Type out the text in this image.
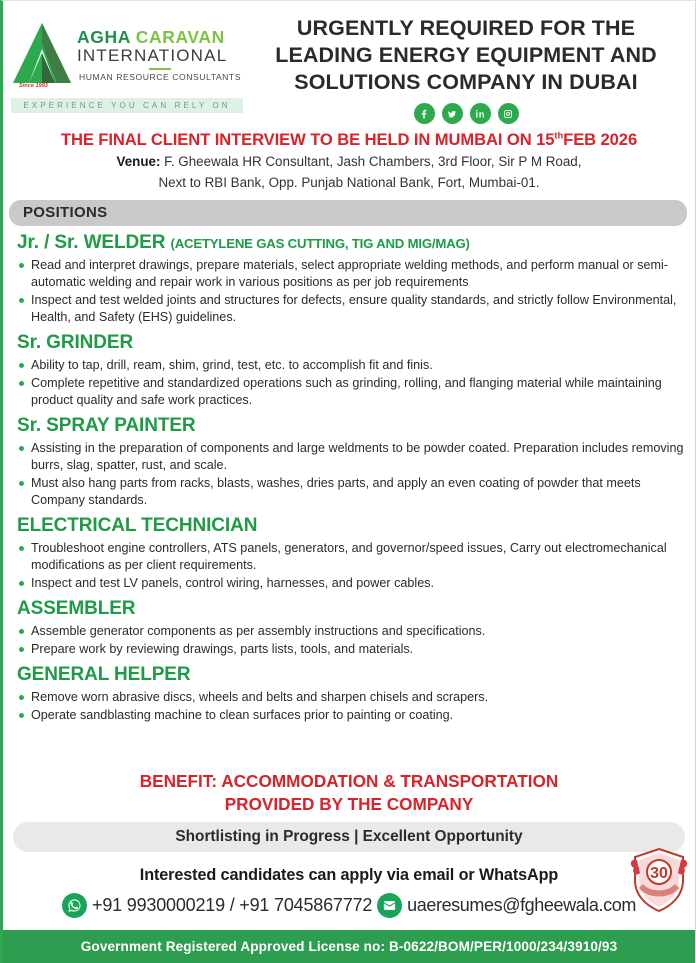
Since 1993
AGHA CARAVAN
INTERNATIONAL
HUMAN RESOURCE CONSULTANTS
EXPERIENCE YOU CAN RELY ON
URGENTLY REQUIRED FOR THE LEADING ENERGY EQUIPMENT AND SOLUTIONS COMPANY IN DUBAI
THE FINAL CLIENT INTERVIEW TO BE HELD IN MUMBAI ON 15thFEB 2026
Venue: F. Gheewala HR Consultant, Jash Chambers, 3rd Floor, Sir P M Road,
Next to RBI Bank, Opp. Punjab National Bank, Fort, Mumbai-01.
POSITIONS
Jr. / Sr. WELDER (ACETYLENE GAS CUTTING, TIG AND MIG/MAG)
Read and interpret drawings, prepare materials, select appropriate welding methods, and perform manual or semi-automatic welding and repair work in various positions as per job requirements
Inspect and test welded joints and structures for defects, ensure quality standards, and strictly follow Environmental, Health, and Safety (EHS) guidelines.
Sr. GRINDER
Ability to tap, drill, ream, shim, grind, test, etc. to accomplish fit and finis.
Complete repetitive and standardized operations such as grinding, rolling, and flanging material while maintaining product quality and safe work practices.
Sr. SPRAY PAINTER
Assisting in the preparation of components and large weldments to be powder coated. Preparation includes removing burrs, slag, spatter, rust, and scale.
Must also hang parts from racks, blasts, washes, dries parts, and apply an even coating of powder that meets Company standards.
ELECTRICAL TECHNICIAN
Troubleshoot engine controllers, ATS panels, generators, and governor/speed issues, Carry out electromechanical modifications as per client requirements.
Inspect and test LV panels, control wiring, harnesses, and power cables.
ASSEMBLER
Assemble generator components as per assembly instructions and specifications.
Prepare work by reviewing drawings, parts lists, tools, and materials.
GENERAL HELPER
Remove worn abrasive discs, wheels and belts and sharpen chisels and scrapers.
Operate sandblasting machine to clean surfaces prior to painting or coating.
BENEFIT: ACCOMMODATION & TRANSPORTATION
PROVIDED BY THE COMPANY
Shortlisting in Progress | Excellent Opportunity
Interested candidates can apply via email or WhatsApp	30
+91 9930000219 / +91 7045867772 uaeresumes@fgheewala.com
Government Registered Approved License no: B-0622/BOM/PER/1000/234/3910/93
